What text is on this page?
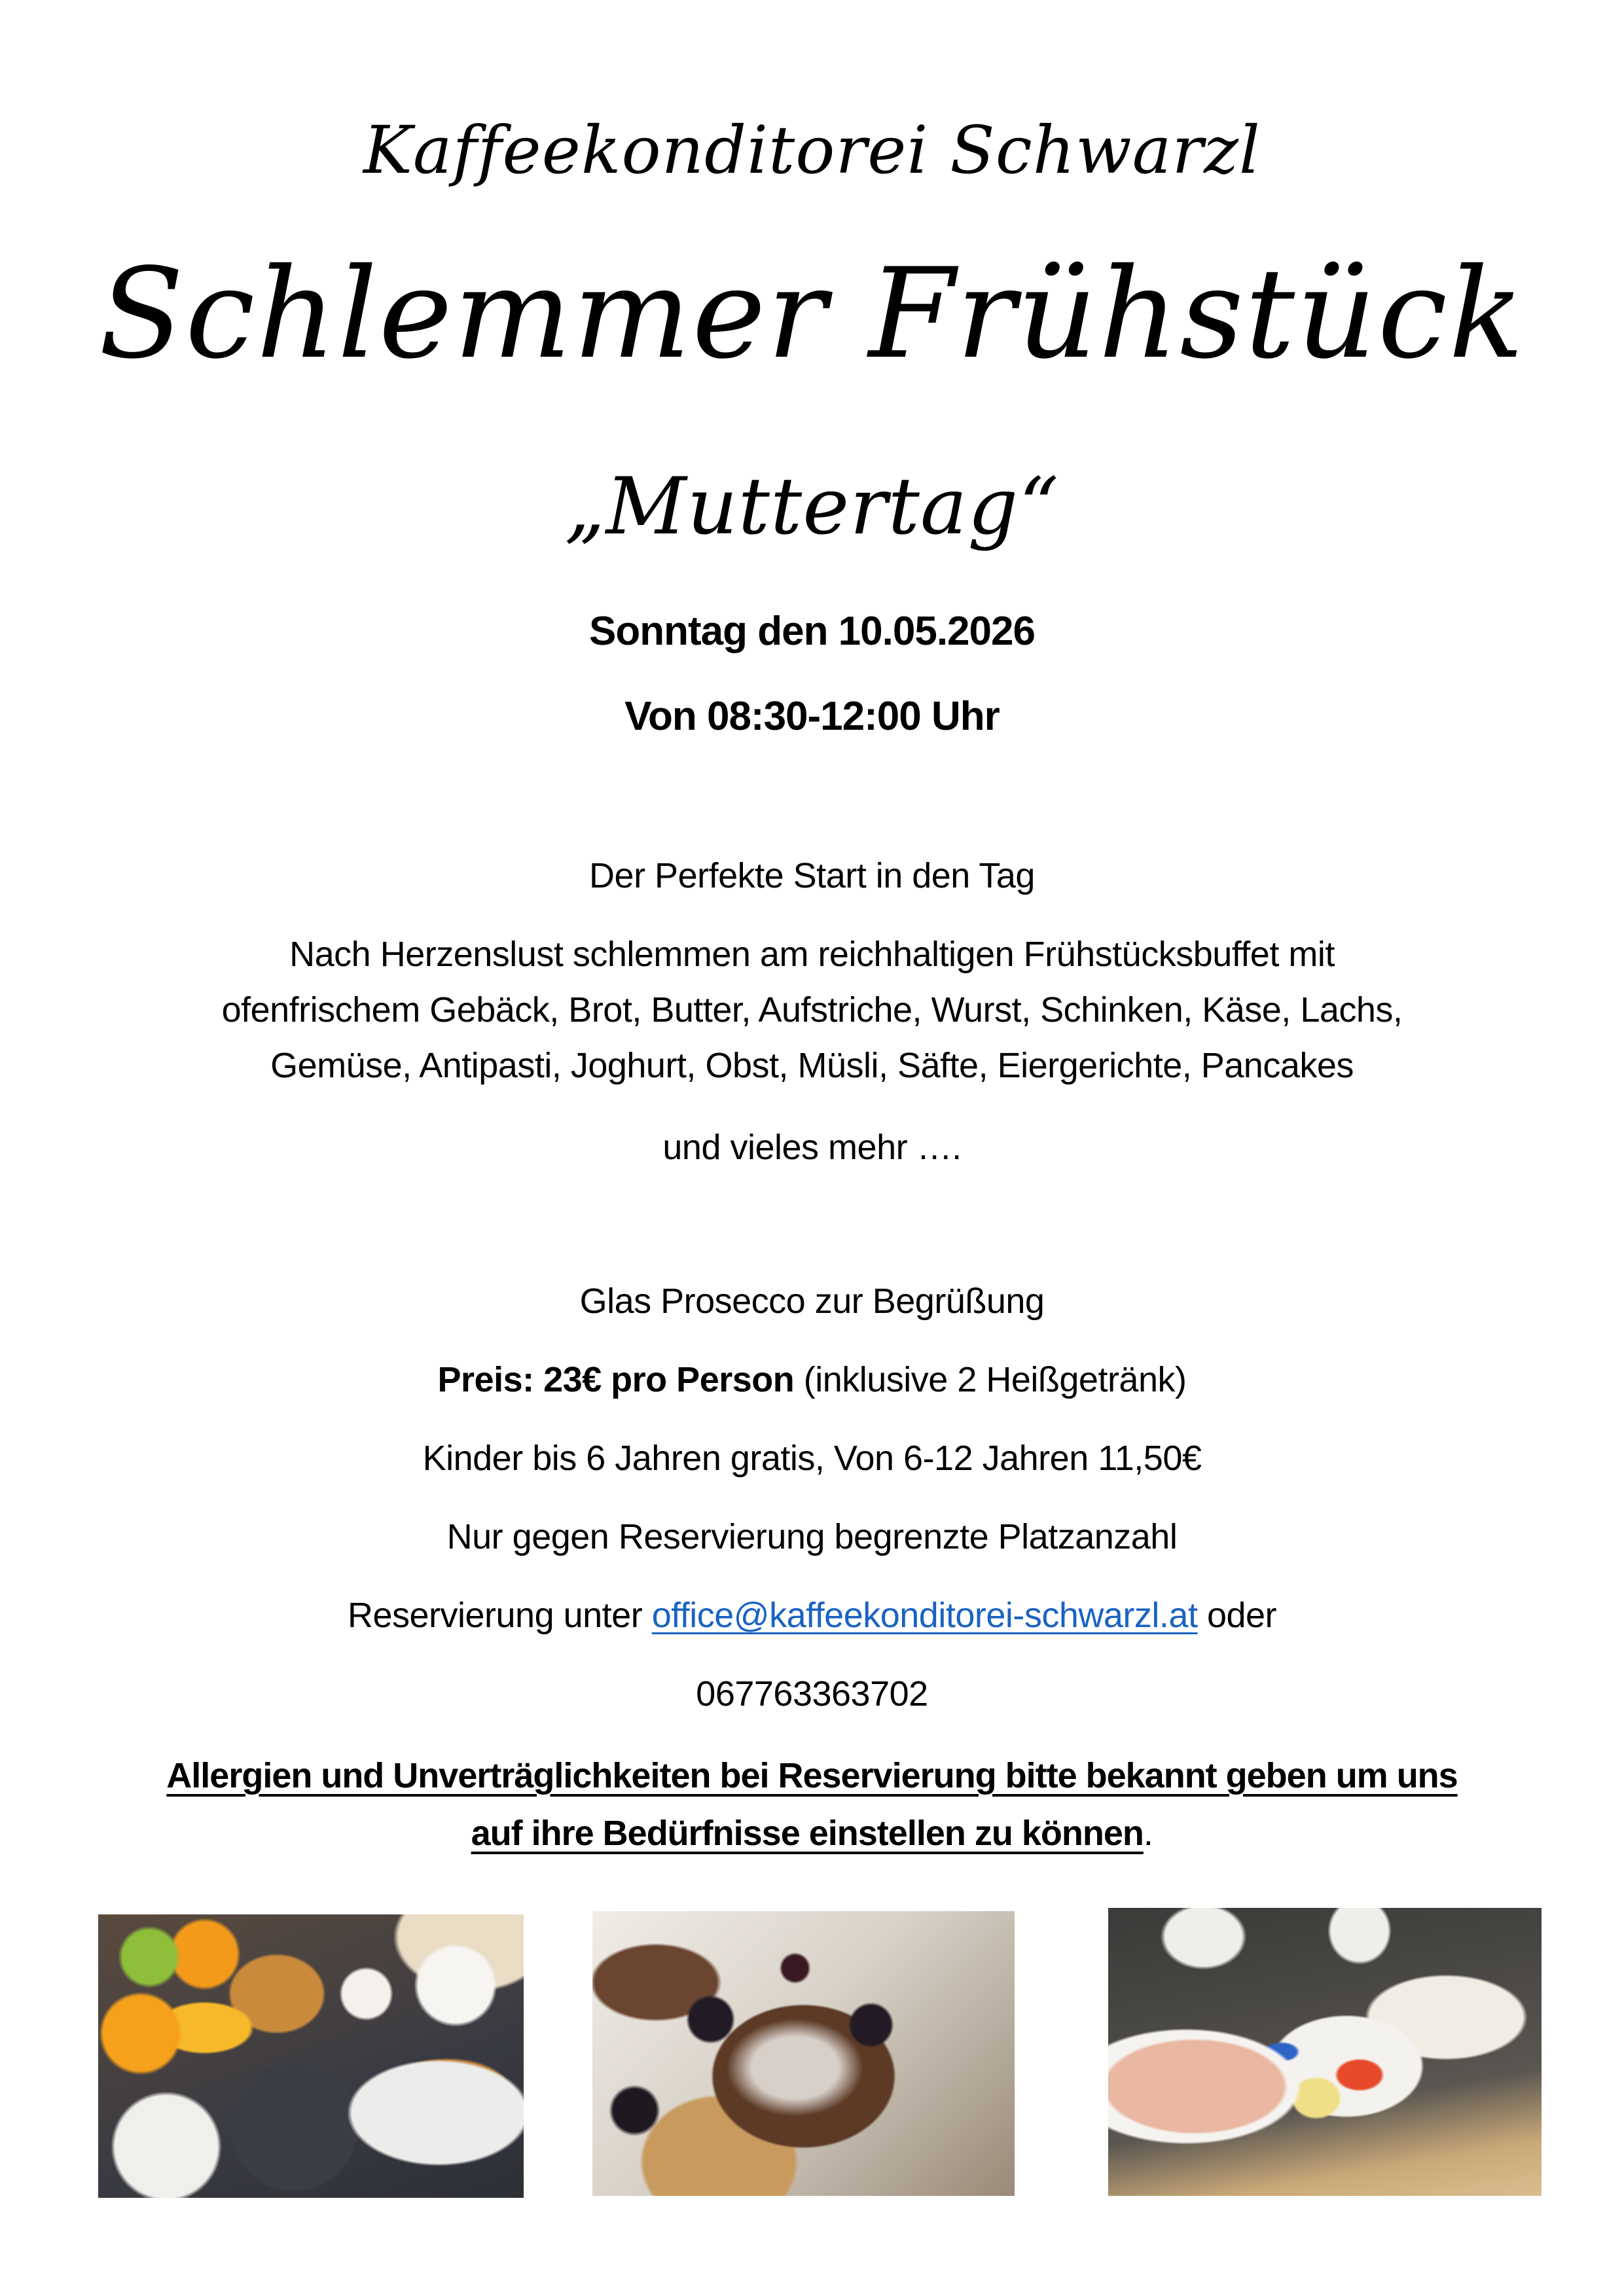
Kaffeekonditorei Schwarzl
Schlemmer Frühstück
„Muttertag“
Sonntag den 10.05.2026
Von 08:30-12:00 Uhr
Der Perfekte Start in den Tag
Nach Herzenslust schlemmen am reichhaltigen Frühstücksbuffet mit
ofenfrischem Gebäck, Brot, Butter, Aufstriche, Wurst, Schinken, Käse, Lachs,
Gemüse, Antipasti, Joghurt, Obst, Müsli, Säfte, Eiergerichte, Pancakes
und vieles mehr ….
Glas Prosecco zur Begrüßung
Preis: 23€ pro Person (inklusive 2 Heißgetränk)
Kinder bis 6 Jahren gratis, Von 6-12 Jahren 11,50€
Nur gegen Reservierung begrenzte Platzanzahl
Reservierung unter office@kaffeekonditorei-schwarzl.at oder
067763363702
Allergien und Unverträglichkeiten bei Reservierung bitte bekannt geben um uns
auf ihre Bedürfnisse einstellen zu können.
